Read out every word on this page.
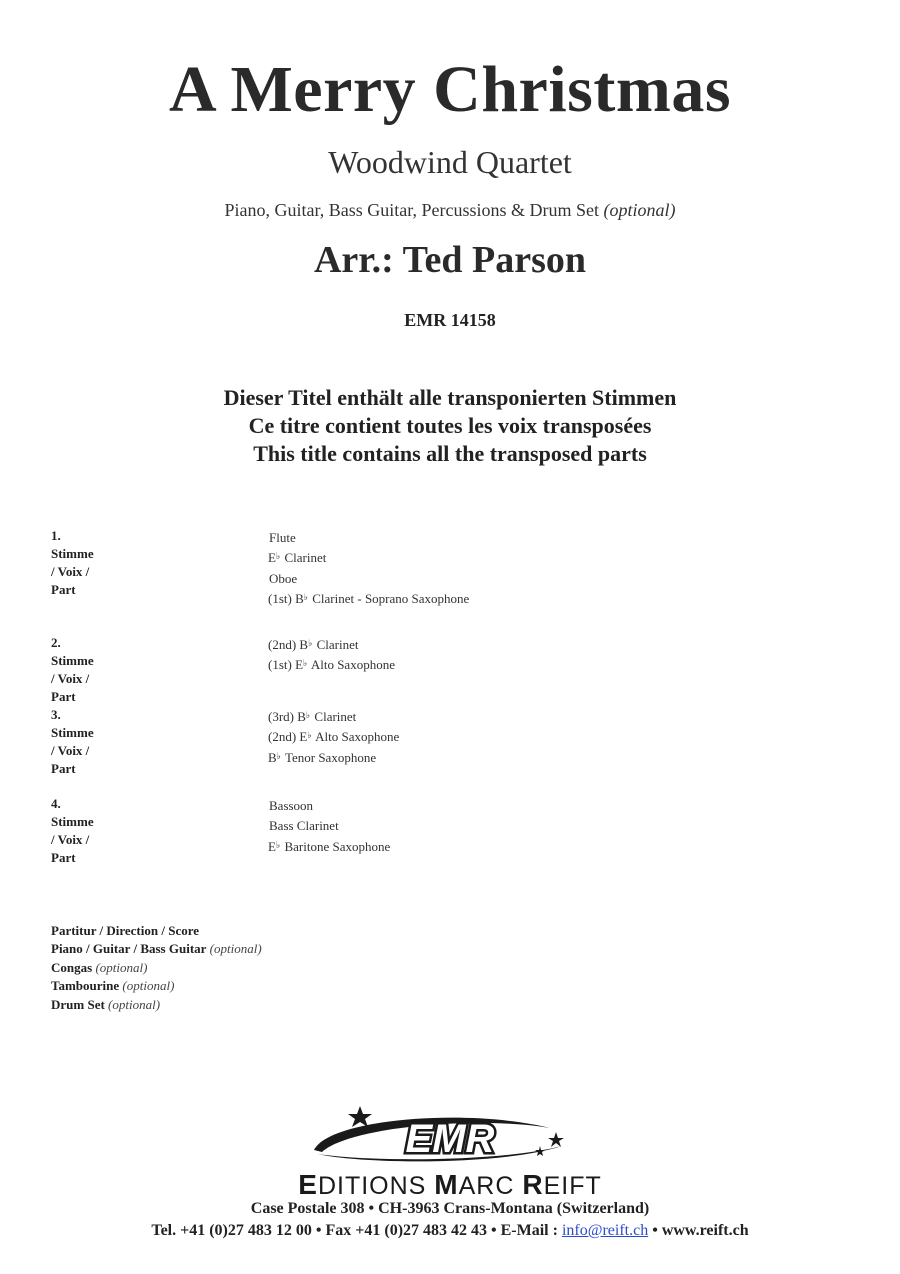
A Merry Christmas
Woodwind Quartet
Piano, Guitar, Bass Guitar, Percussions & Drum Set (optional)
Arr.: Ted Parson
EMR 14158
Dieser Titel enthält alle transponierten Stimmen
Ce titre contient toutes les voix transposées
This title contains all the transposed parts
1. Stimme / Voix / Part
Flute
E♭ Clarinet
Oboe
(1st) B♭ Clarinet - Soprano Saxophone
2. Stimme / Voix / Part
(2nd) B♭ Clarinet
(1st) E♭ Alto Saxophone
3. Stimme / Voix / Part
(3rd) B♭ Clarinet
(2nd) E♭ Alto Saxophone
B♭ Tenor Saxophone
4. Stimme / Voix / Part
Bassoon
Bass Clarinet
E♭ Baritone Saxophone
Partitur / Direction / Score
Piano / Guitar / Bass Guitar (optional)
Congas (optional)
Tambourine (optional)
Drum Set (optional)
EMR
EDITIONS MARC REIFT
Case Postale 308 • CH-3963 Crans-Montana (Switzerland)
Tel. +41 (0)27 483 12 00 • Fax +41 (0)27 483 42 43 • E-Mail : info@reift.ch • www.reift.ch
